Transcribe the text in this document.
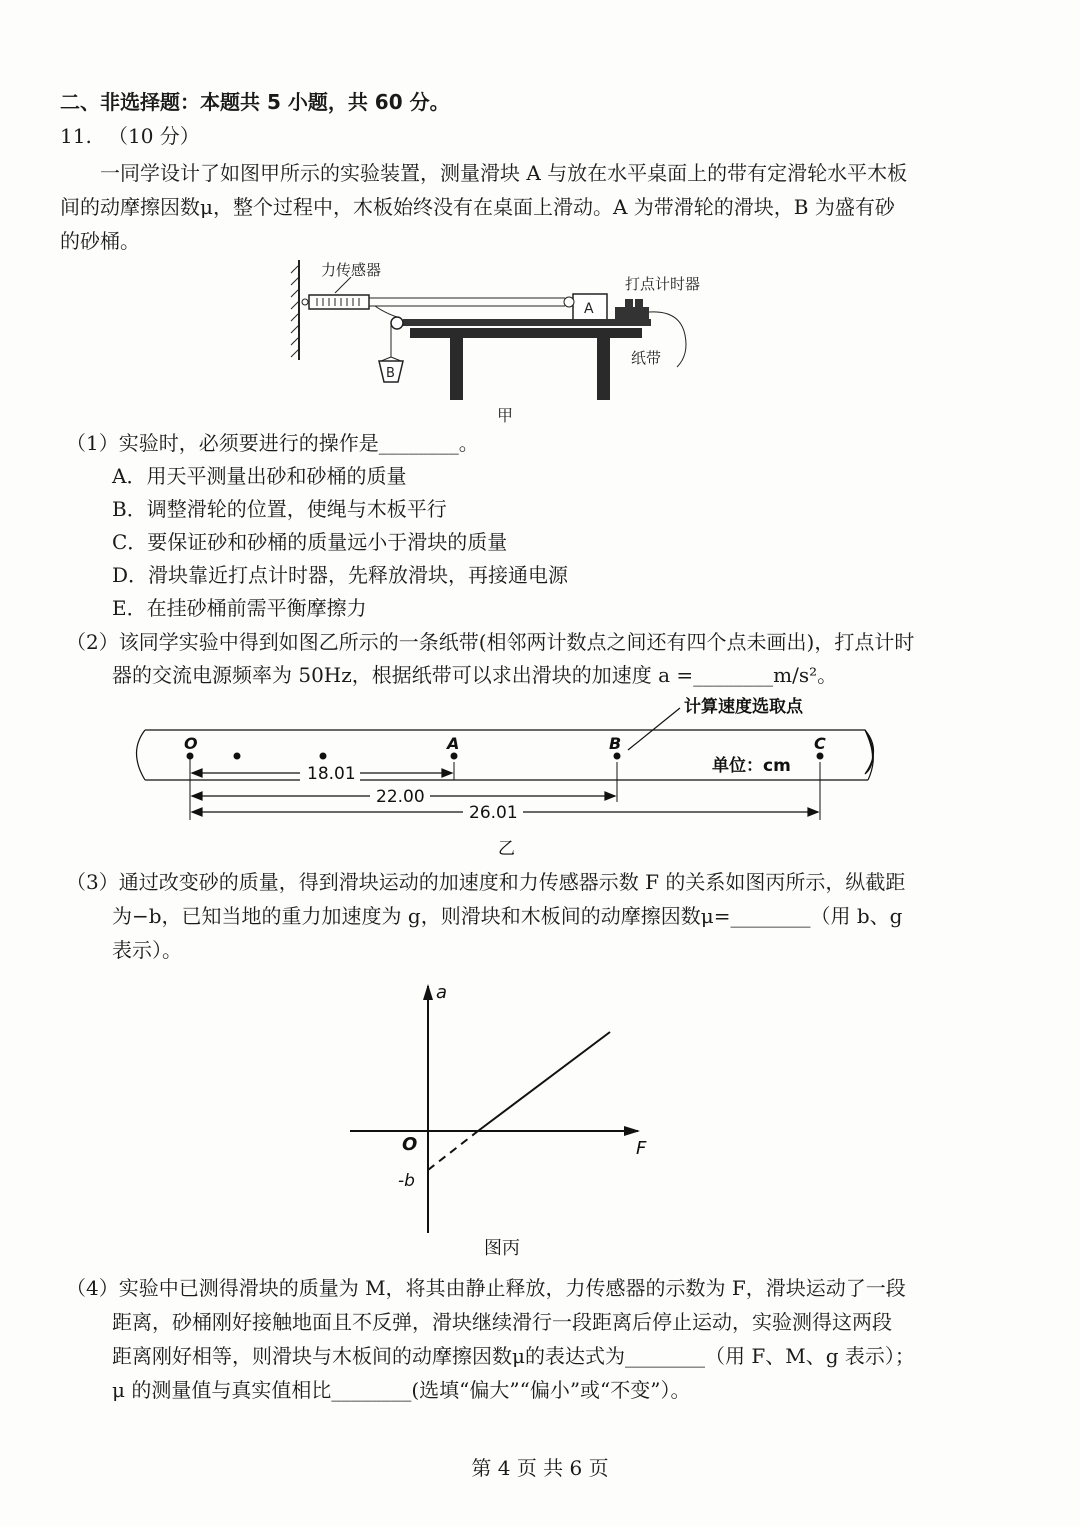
二、非选择题：本题共 5 小题，共 60 分。
11. （10 分）
一同学设计了如图甲所示的实验装置，测量滑块 A 与放在水平桌面上的带有定滑轮水平木板
间的动摩擦因数μ，整个过程中，木板始终没有在桌面上滑动。A 为带滑轮的滑块，B 为盛有砂
的砂桶。
力传感器
A
打点计时器
B
纸带
甲
（1）实验时，必须要进行的操作是________。
A．用天平测量出砂和砂桶的质量
B．调整滑轮的位置，使绳与木板平行
C．要保证砂和砂桶的质量远小于滑块的质量
D．滑块靠近打点计时器，先释放滑块，再接通电源
E．在挂砂桶前需平衡摩擦力
（2）该同学实验中得到如图乙所示的一条纸带(相邻两计数点之间还有四个点未画出)，打点计时
器的交流电源频率为 50Hz，根据纸带可以求出滑块的加速度 a =________m/s²。
计算速度选取点
O	A	B	C
单位：cm
18.01
22.00
26.01
乙
（3）通过改变砂的质量，得到滑块运动的加速度和力传感器示数 F 的关系如图丙所示，纵截距
为−b，已知当地的重力加速度为 g，则滑块和木板间的动摩擦因数μ=________（用 b、g
表示）。
a
F
O
-b
图丙
（4）实验中已测得滑块的质量为 M，将其由静止释放，力传感器的示数为 F，滑块运动了一段
距离，砂桶刚好接触地面且不反弹，滑块继续滑行一段距离后停止运动，实验测得这两段
距离刚好相等，则滑块与木板间的动摩擦因数μ的表达式为________（用 F、M、g 表示）；
μ 的测量值与真实值相比________(选填“偏大”“偏小”或“不变”）。
第 4 页 共 6 页
